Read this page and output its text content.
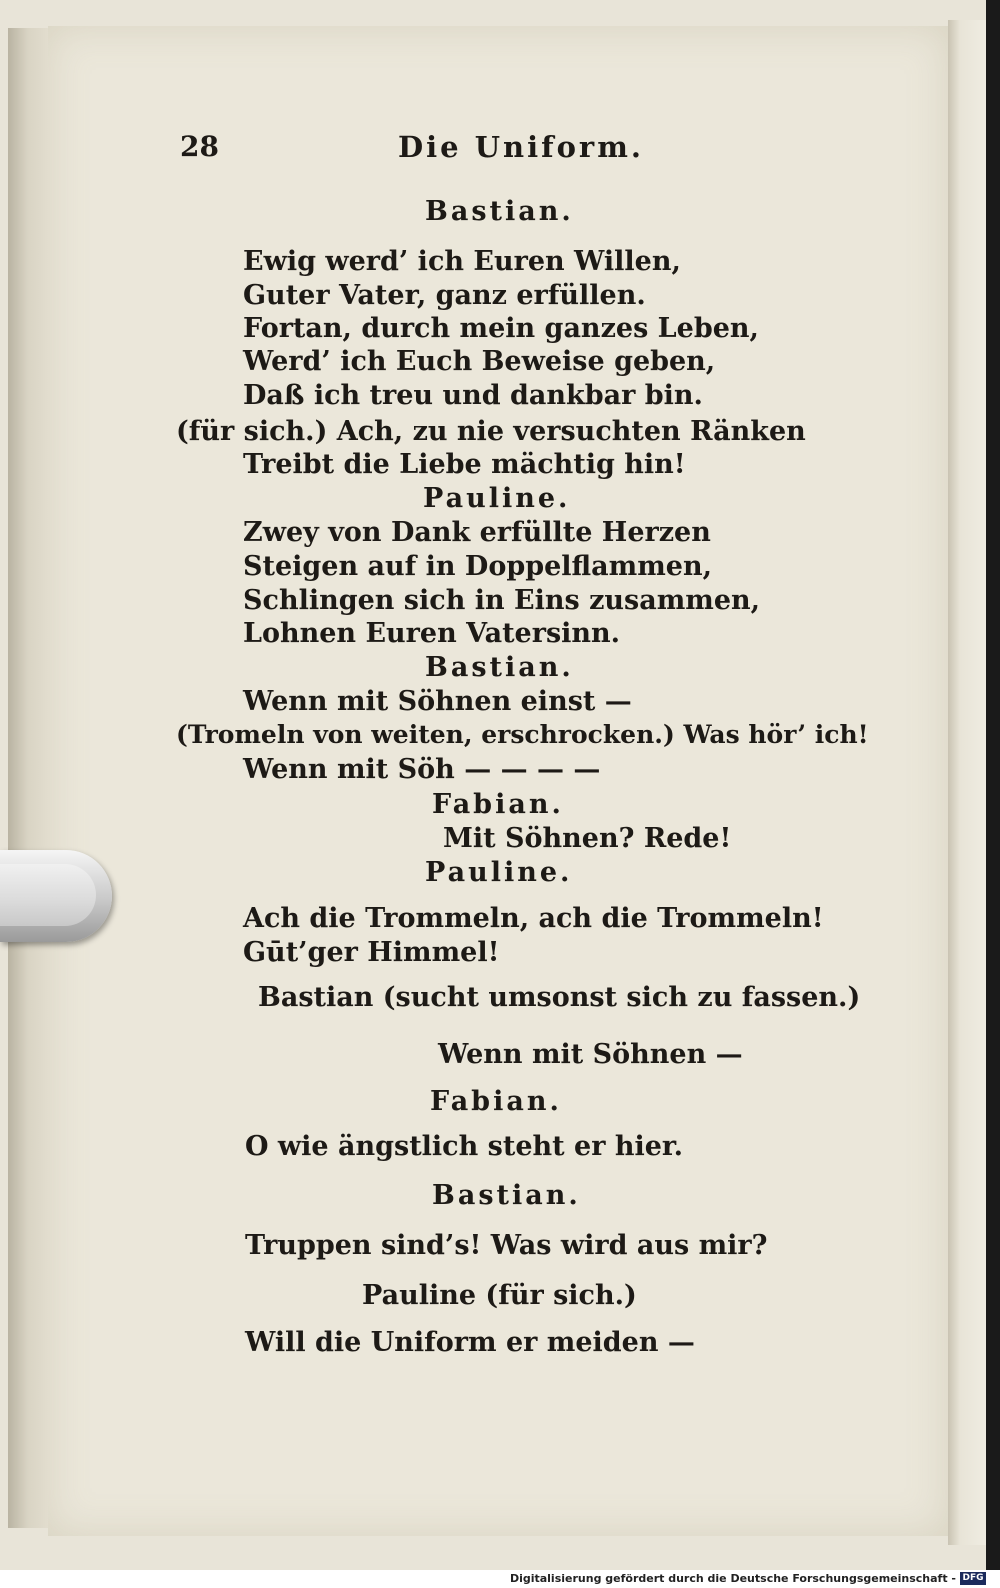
28	Die Uniform.
Bastian.
Ewig werd’ ich Euren Willen,
Guter Vater, ganz erfüllen.
Fortan, durch mein ganzes Leben,
Werd’ ich Euch Beweise geben,
Daß ich treu und dankbar bin.
(für sich.) Ach, zu nie versuchten Ränken
Treibt die Liebe mächtig hin!
Pauline.
Zwey von Dank erfüllte Herzen
Steigen auf in Doppelflammen,
Schlingen sich in Eins zusammen,
Lohnen Euren Vatersinn.
Bastian.
Wenn mit Söhnen einst —
(Tromeln von weiten, erschrocken.) Was hör’ ich!
Wenn mit Söh — — — —
Fabian.
Mit Söhnen? Rede!
Pauline.
Ach die Trommeln, ach die Trommeln!
Gūt’ger Himmel!
Bastian (sucht umsonst sich zu fassen.)
Wenn mit Söhnen —
Fabian.
O wie ängstlich steht er hier.
Bastian.
Truppen sind’s! Was wird aus mir?
Pauline (für sich.)
Will die Uniform er meiden —
Digitalisierung gefördert durch die Deutsche Forschungsgemeinschaft - DFG
